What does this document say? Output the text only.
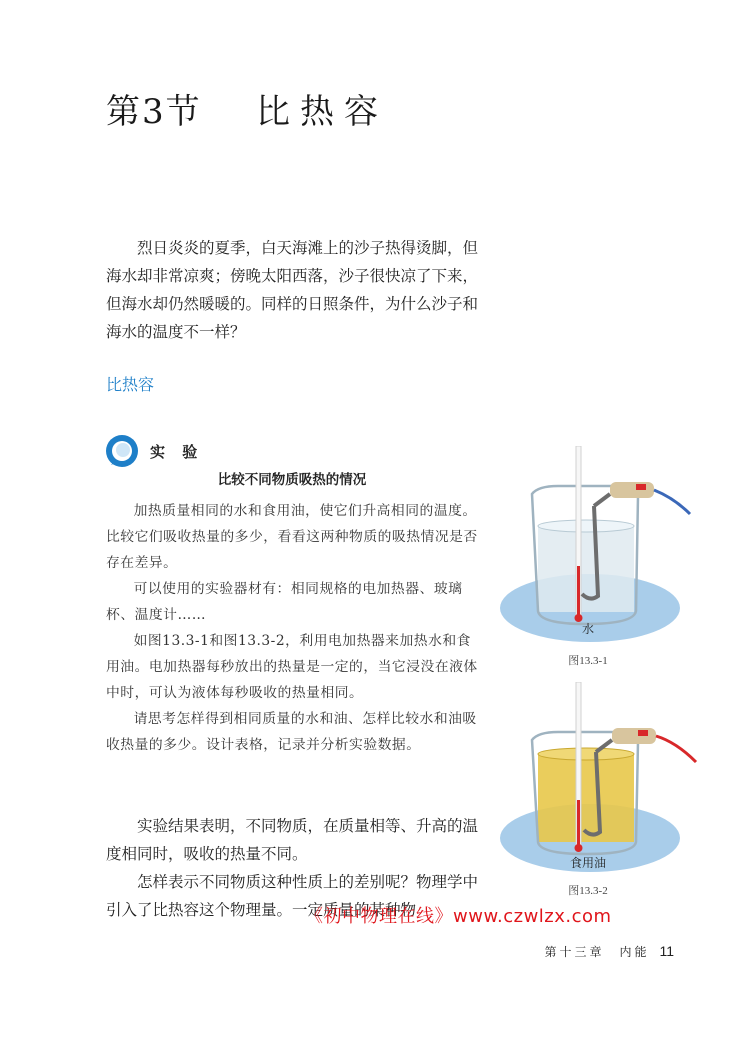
第3节 比热容
烈日炎炎的夏季，白天海滩上的沙子热得烫脚，但海水却非常凉爽；傍晚太阳西落，沙子很快凉了下来，但海水却仍然暖暖的。同样的日照条件，为什么沙子和海水的温度不一样？
比热容
实 验
比较不同物质吸热的情况

加热质量相同的水和食用油，使它们升高相同的温度。比较它们吸收热量的多少，看看这两种物质的吸热情况是否存在差异。

可以使用的实验器材有：相同规格的电加热器、玻璃杯、温度计……

如图13.3-1和图13.3-2，利用电加热器来加热水和食用油。电加热器每秒放出的热量是一定的，当它浸没在液体中时，可认为液体每秒吸收的热量相同。

请思考怎样得到相同质量的水和油、怎样比较水和油吸收热量的多少。设计表格，记录并分析实验数据。

实验结果表明，不同物质，在质量相等、升高的温度相同时，吸收的热量不同。

怎样表示不同物质这种性质上的差别呢？物理学中引入了比热容这个物理量。一定质量的某种物

水
图13.3-1
食用油
图13.3-2
《初中物理在线》www.czwlzx.com
第十三章　内能 11
